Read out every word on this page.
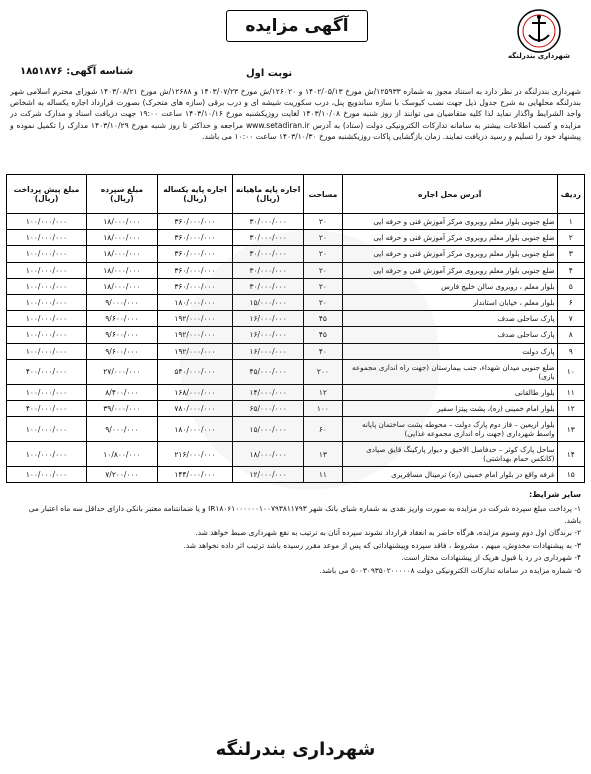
شهرداری بندرلنگه
آگهی مزایده
نوبت اول
شناسه آگهی: ۱۸۵۱۸۷۶
شهرداری بندرلنگه در نظر دارد به استناد مجوز به شماره ۱۲۵۹۳۳/ش مورخ ۱۴۰۲/۰۵/۱۳ و ۱۲۶۰۲۰/ش مورخ ۱۴۰۳/۰۷/۲۳ و ۱۲۶۸۸/ش مورخ ۱۴۰۳/۰۸/۲۱ شورای محترم اسلامی شهر بندرلنگه محلهایی به شرح جدول ذیل جهت نصب کیوسک با سازه ساندویچ پنل، درب سکوریت شیشه ای و درب برقی (سازه های متحرک) بصورت قرارداد اجاره یکساله به اشخاص واجد الشرایط واگذار نماید لذا کلیه متقاضیان می توانند از روز شنبه مورخ ۱۴۰۳/۱۰/۰۸ لغایت روزیکشنبه مورخ ۱۴۰۳/۱۰/۱۶ ساعت ۱۹:۰۰ جهت دریافت اسناد و مدارک شرکت در مزایده و کسب اطلاعات بیشتر به سامانه تدارکات الکترونیکی دولت (ستاد) به آدرس www.setadiran.ir مراجعه و حداکثر تا روز شنبه مورخ ۱۴۰۳/۱۰/۲۹ مدارک را تکمیل نموده و پیشنهاد خود را تسلیم و رسید دریافت نمایند. زمان بازگشایی پاکات روزیکشنبه مورخ ۱۴۰۳/۱۰/۳۰ ساعت ۱۰:۰۰ می باشد.
ردیف	آدرس محل اجاره	مساحت	اجاره پایه ماهیانه (ریال)	اجاره پایه یکساله (ریال)	مبلغ سپرده (ریال)	مبلغ پیش پرداخت (ریال)
۱	ضلع جنوبی بلوار معلم روبروی مرکز آموزش فنی و حرفه ایی	۲۰	۳۰/۰۰۰/۰۰۰	۳۶۰/۰۰۰/۰۰۰	۱۸/۰۰۰/۰۰۰	۱۰۰/۰۰۰/۰۰۰
۲	ضلع جنوبی بلوار معلم روبروی مرکز آموزش فنی و حرفه ایی	۲۰	۳۰/۰۰۰/۰۰۰	۳۶۰/۰۰۰/۰۰۰	۱۸/۰۰۰/۰۰۰	۱۰۰/۰۰۰/۰۰۰
۳	ضلع جنوبی بلوار معلم روبروی مرکز آموزش فنی و حرفه ایی	۲۰	۳۰/۰۰۰/۰۰۰	۳۶۰/۰۰۰/۰۰۰	۱۸/۰۰۰/۰۰۰	۱۰۰/۰۰۰/۰۰۰
۴	ضلع جنوبی بلوار معلم روبروی مرکز آموزش فنی و حرفه ایی	۲۰	۳۰/۰۰۰/۰۰۰	۳۶۰/۰۰۰/۰۰۰	۱۸/۰۰۰/۰۰۰	۱۰۰/۰۰۰/۰۰۰
۵	بلوار معلم ، روبروی سالن خلیج فارس	۲۰	۳۰/۰۰۰/۰۰۰	۳۶۰/۰۰۰/۰۰۰	۱۸/۰۰۰/۰۰۰	۱۰۰/۰۰۰/۰۰۰
۶	بلوار معلم ، خیابان استاندار	۲۰	۱۵/۰۰۰/۰۰۰	۱۸۰/۰۰۰/۰۰۰	۹/۰۰۰/۰۰۰	۱۰۰/۰۰۰/۰۰۰
۷	پارک ساحلی صدف	۴۵	۱۶/۰۰۰/۰۰۰	۱۹۲/۰۰۰/۰۰۰	۹/۶۰۰/۰۰۰	۱۰۰/۰۰۰/۰۰۰
۸	پارک ساحلی صدف	۴۵	۱۶/۰۰۰/۰۰۰	۱۹۲/۰۰۰/۰۰۰	۹/۶۰۰/۰۰۰	۱۰۰/۰۰۰/۰۰۰
۹	پارک دولت	۴۰	۱۶/۰۰۰/۰۰۰	۱۹۲/۰۰۰/۰۰۰	۹/۶۰۰/۰۰۰	۱۰۰/۰۰۰/۰۰۰
۱۰	ضلع جنوبی میدان شهداء، جنب بیمارستان (جهت راه اندازی مجموعه بازی)	۲۰۰	۴۵/۰۰۰/۰۰۰	۵۴۰/۰۰۰/۰۰۰	۲۷/۰۰۰/۰۰۰	۴۰۰/۰۰۰/۰۰۰
۱۱	بلوار طالقانی	۱۲	۱۴/۰۰۰/۰۰۰	۱۶۸/۰۰۰/۰۰۰	۸/۴۰۰/۰۰۰	۱۰۰/۰۰۰/۰۰۰
۱۲	بلوار امام خمینی (ره)، پشت پیتزا سفیر	۱۰۰	۶۵/۰۰۰/۰۰۰	۷۸۰/۰۰۰/۰۰۰	۳۹/۰۰۰/۰۰۰	۴۰۰/۰۰۰/۰۰۰
۱۳	بلوار اربعین – فاز دوم پارک دولت – محوطه پشت ساختمان پایانه واسط شهرداری (جهت راه اندازی مجموعه غذایی)	۶۰	۱۵/۰۰۰/۰۰۰	۱۸۰/۰۰۰/۰۰۰	۹/۰۰۰/۰۰۰	۱۰۰/۰۰۰/۰۰۰
۱۴	ساحل پارک کوثر – حدفاصل الاحیق و دیوار پارکینگ قایق صیادی (کانکس حمام بهداشتی)	۱۳	۱۸/۰۰۰/۰۰۰	۲۱۶/۰۰۰/۰۰۰	۱۰/۸۰۰/۰۰۰	۱۰۰/۰۰۰/۰۰۰
۱۵	غرفه واقع در بلوار امام خمینی (ره) ترمینال مسافربری	۱۱	۱۲/۰۰۰/۰۰۰	۱۴۴/۰۰۰/۰۰۰	۷/۲۰۰/۰۰۰	۱۰۰/۰۰۰/۰۰۰
سایر شرایط:
۱- پرداخت مبلغ سپرده شرکت در مزایده به صورت واریز نقدی به شماره شبای بانک شهر IR۱۸۰۶۱۰۰۰۰۰۰۱۰۰۷۹۳۸۱۱۷۹۳ و یا ضمانتنامه معتبر بانکی دارای حداقل سه ماه اعتبار می باشد.
۲- برندگان اول دوم وسوم مزایده، هرگاه حاضر به انعقاد قرارداد نشوند سپرده آنان به ترتیب به نفع شهرداری ضبط خواهد شد.
۳- به پیشنهادات مخدوش، مبهم ، مشروط ، فاقد سپرده وپیشنهاداتی که پس از موعد مقرر رسیده باشد ترتیب اثر داده نخواهد شد.
۴- شهرداری در رد یا قبول هریک از پیشنهادات مختار است.
۵- شماره مزایده در سامانه تدارکات الکترونیکی دولت ۵۰۰۳۰۹۳۵۰۲۰۰۰۰۰۸ می باشد.
شهرداری بندرلنگه
